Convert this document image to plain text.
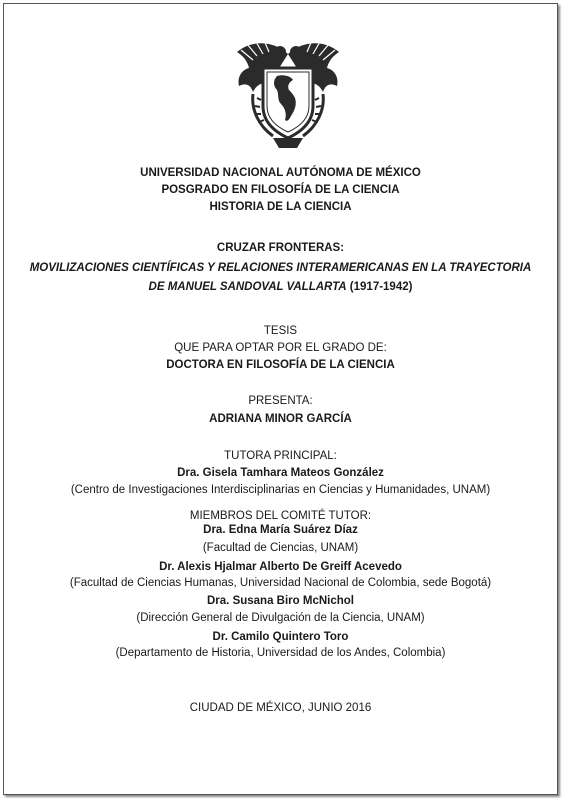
UNIVERSIDAD NACIONAL AUTÓNOMA DE MÉXICO
POSGRADO EN FILOSOFÍA DE LA CIENCIA
HISTORIA DE LA CIENCIA
CRUZAR FRONTERAS:
MOVILIZACIONES CIENTÍFICAS Y RELACIONES INTERAMERICANAS EN LA TRAYECTORIA
DE MANUEL SANDOVAL VALLARTA (1917-1942)
TESIS
QUE PARA OPTAR POR EL GRADO DE:
DOCTORA EN FILOSOFÍA DE LA CIENCIA
PRESENTA:
ADRIANA MINOR GARCÍA
TUTORA PRINCIPAL:
Dra. Gisela Tamhara Mateos González
(Centro de Investigaciones Interdisciplinarias en Ciencias y Humanidades, UNAM)
MIEMBROS DEL COMITÉ TUTOR:
Dra. Edna María Suárez Díaz
(Facultad de Ciencias, UNAM)
Dr. Alexis Hjalmar Alberto De Greiff Acevedo
(Facultad de Ciencias Humanas, Universidad Nacional de Colombia, sede Bogotá)
Dra. Susana Biro McNichol
(Dirección General de Divulgación de la Ciencia, UNAM)
Dr. Camilo Quintero Toro
(Departamento de Historia, Universidad de los Andes, Colombia)
CIUDAD DE MÉXICO, JUNIO 2016
